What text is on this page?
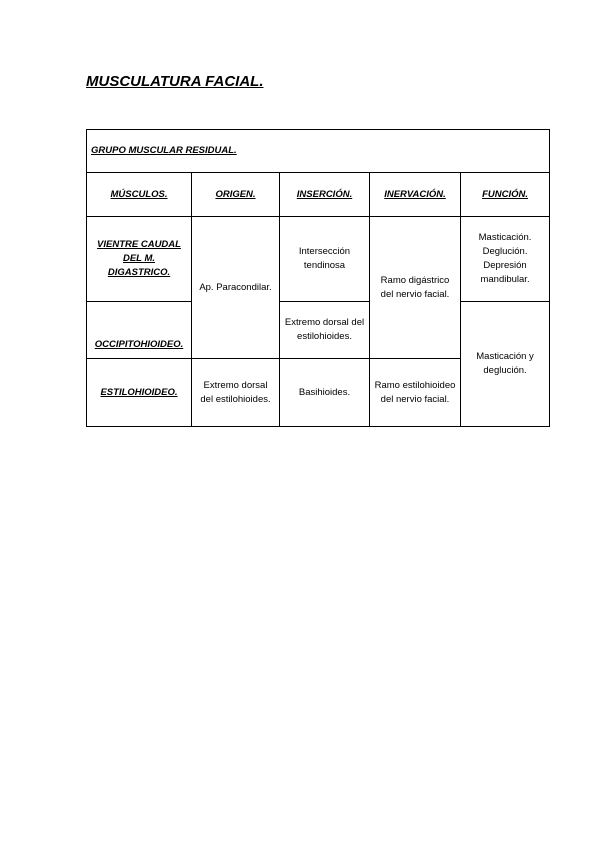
MUSCULATURA FACIAL.
GRUPO MUSCULAR RESIDUAL.				
MÚSCULOS.	ORIGEN.	INSERCIÓN.	INERVACIÓN.	FUNCIÓN.
VIENTRE CAUDAL DEL M. DIGASTRICO.	Ap. Paracondilar.	Intersección tendinosa	Ramo digástrico del nervio facial.	Masticación. Deglución. Depresión mandibular.
OCCIPITOHIOIDEO.		Extremo dorsal del estilohioides.		Masticación y deglución.
ESTILOHIOIDEO.	Extremo dorsal del estilohioides.	Basihioides.	Ramo estilohioideo del nervio facial.	
